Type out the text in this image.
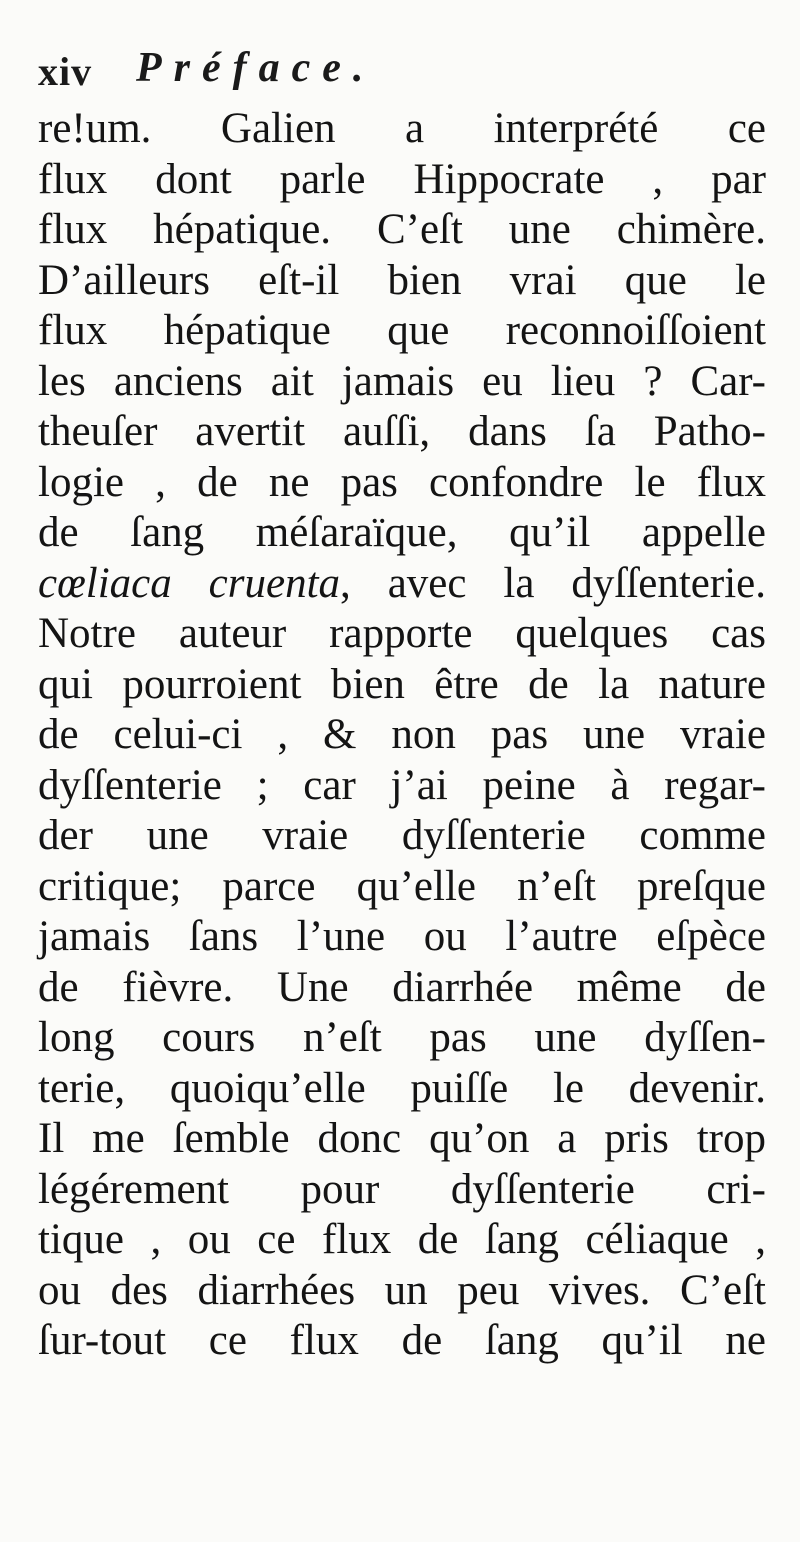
xiv Préface.
reǃum. Galien a interprété ce
flux dont parle Hippocrate , par
flux hépatique. C’eſt une chimère.
D’ailleurs eſt-il bien vrai que le
flux hépatique que reconnoiſſoient
les anciens ait jamais eu lieu ? Car-
theuſer avertit auſſi, dans ſa Patho-
logie , de ne pas confondre le flux
de ſang méſaraïque, qu’il appelle
cœliaca cruenta, avec la dyſſenterie.
Notre auteur rapporte quelques cas
qui pourroient bien être de la nature
de celui-ci , & non pas une vraie
dyſſenterie ; car j’ai peine à regar-
der une vraie dyſſenterie comme
critique; parce qu’elle n’eſt preſque
jamais ſans l’une ou l’autre eſpèce
de fièvre. Une diarrhée même de
long cours n’eſt pas une dyſſen-
terie, quoiqu’elle puiſſe le devenir.
Il me ſemble donc qu’on a pris trop
légérement pour dyſſenterie cri-
tique , ou ce flux de ſang céliaque ,
ou des diarrhées un peu vives. C’eſt
ſur-tout ce flux de ſang qu’il ne
